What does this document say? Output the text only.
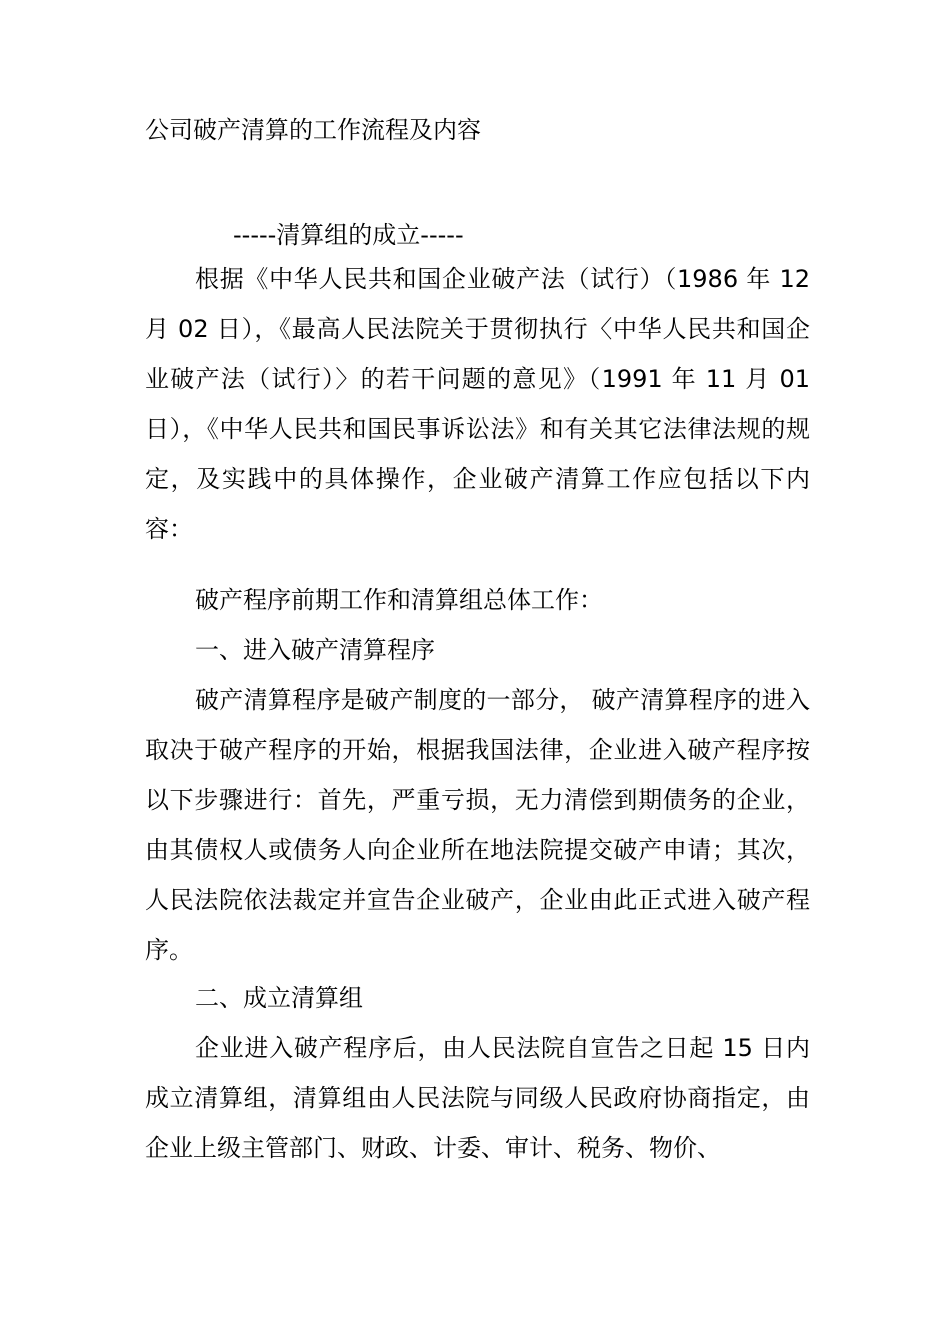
公司破产清算的工作流程及内容
-----清算组的成立-----

根据《中华人民共和国企业破产法（试行）（1986 年 12 月 02 日），《最高人民法院关于贯彻执行〈中华人民共和国企业破产法（试行）〉的若干问题的意见》（1991 年 11 月 01 日），《中华人民共和国民事诉讼法》和有关其它法律法规的规定，及实践中的具体操作，企业破产清算工作应包括以下内容：

破产程序前期工作和清算组总体工作：

一、进入破产清算程序

破产清算程序是破产制度的一部分， 破产清算程序的进入取决于破产程序的开始，根据我国法律，企业进入破产程序按以下步骤进行：首先，严重亏损，无力清偿到期债务的企业，由其债权人或债务人向企业所在地法院提交破产申请；其次，人民法院依法裁定并宣告企业破产，企业由此正式进入破产程序。

二、成立清算组

企业进入破产程序后，由人民法院自宣告之日起 15 日内成立清算组，清算组由人民法院与同级人民政府协商指定，由企业上级主管部门、财政、计委、审计、税务、物价、
